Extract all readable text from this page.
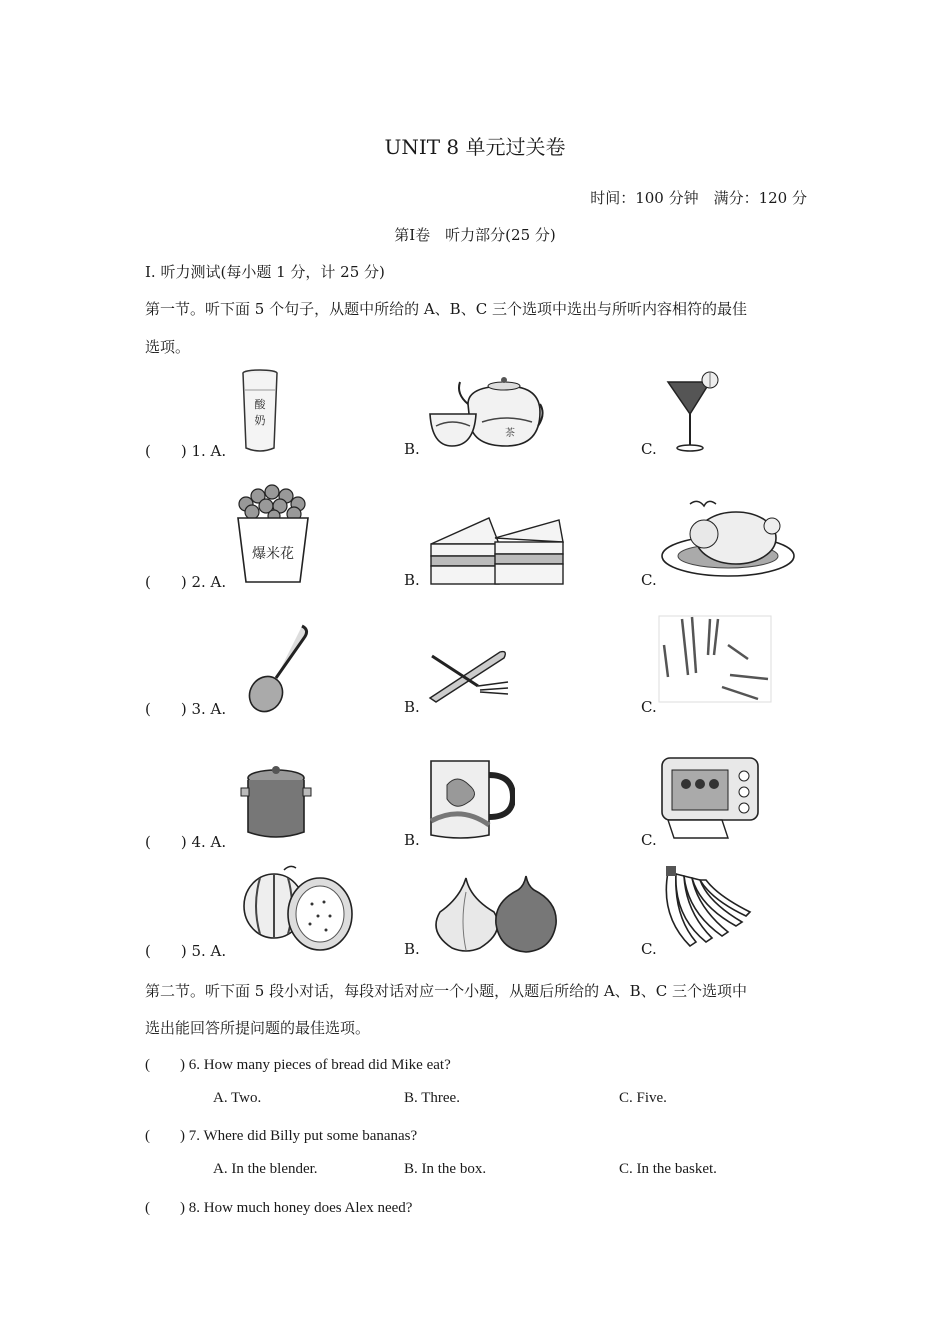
UNIT 8 单元过关卷
时间：100 分钟　满分：120 分
第Ⅰ卷　听力部分(25 分)
Ⅰ. 听力测试(每小题 1 分，计 25 分)
第一节。听下面 5 个句子，从题中所给的 A、B、C 三个选项中选出与所听内容相符的最佳
选项。
(　　) 1. A.	B.	C.
酸
奶
茶
(　　) 2. A.	B.	C.
爆米花
(　　) 3. A.	B.	C.
(　　) 4. A.	B.	C.
(　　) 5. A.	B.	C.
第二节。听下面 5 段小对话，每段对话对应一个小题，从题后所给的 A、B、C 三个选项中
选出能回答所提问题的最佳选项。
(　　) 6. How many pieces of bread did Mike eat?
A. Two.	B. Three.	C. Five.
(　　) 7. Where did Billy put some bananas?
A. In the blender.	B. In the box.	C. In the basket.
(　　) 8. How much honey does Alex need?
